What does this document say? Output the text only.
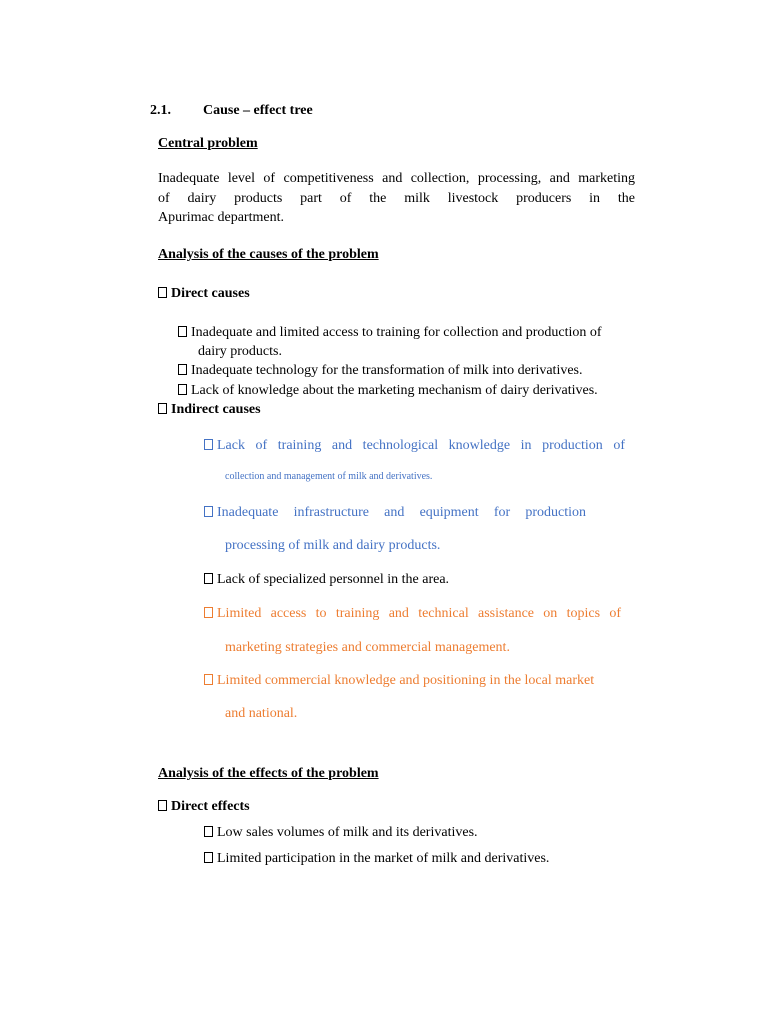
2.1. Cause – effect tree
Central problem
Inadequate level of competitiveness and collection, processing, and marketing
of dairy products part of the milk livestock producers in the
Apurimac department.
Analysis of the causes of the problem
Direct causes
Inadequate and limited access to training for collection and production of
dairy products.
Inadequate technology for the transformation of milk into derivatives.
Lack of knowledge about the marketing mechanism of dairy derivatives.
Indirect causes
Lack of training and technological knowledge in production of
collection and management of milk and derivatives.
Inadequate infrastructure and equipment for production
processing of milk and dairy products.
Lack of specialized personnel in the area.
Limited access to training and technical assistance on topics of
marketing strategies and commercial management.
Limited commercial knowledge and positioning in the local market
and national.
Analysis of the effects of the problem
Direct effects
Low sales volumes of milk and its derivatives.
Limited participation in the market of milk and derivatives.
